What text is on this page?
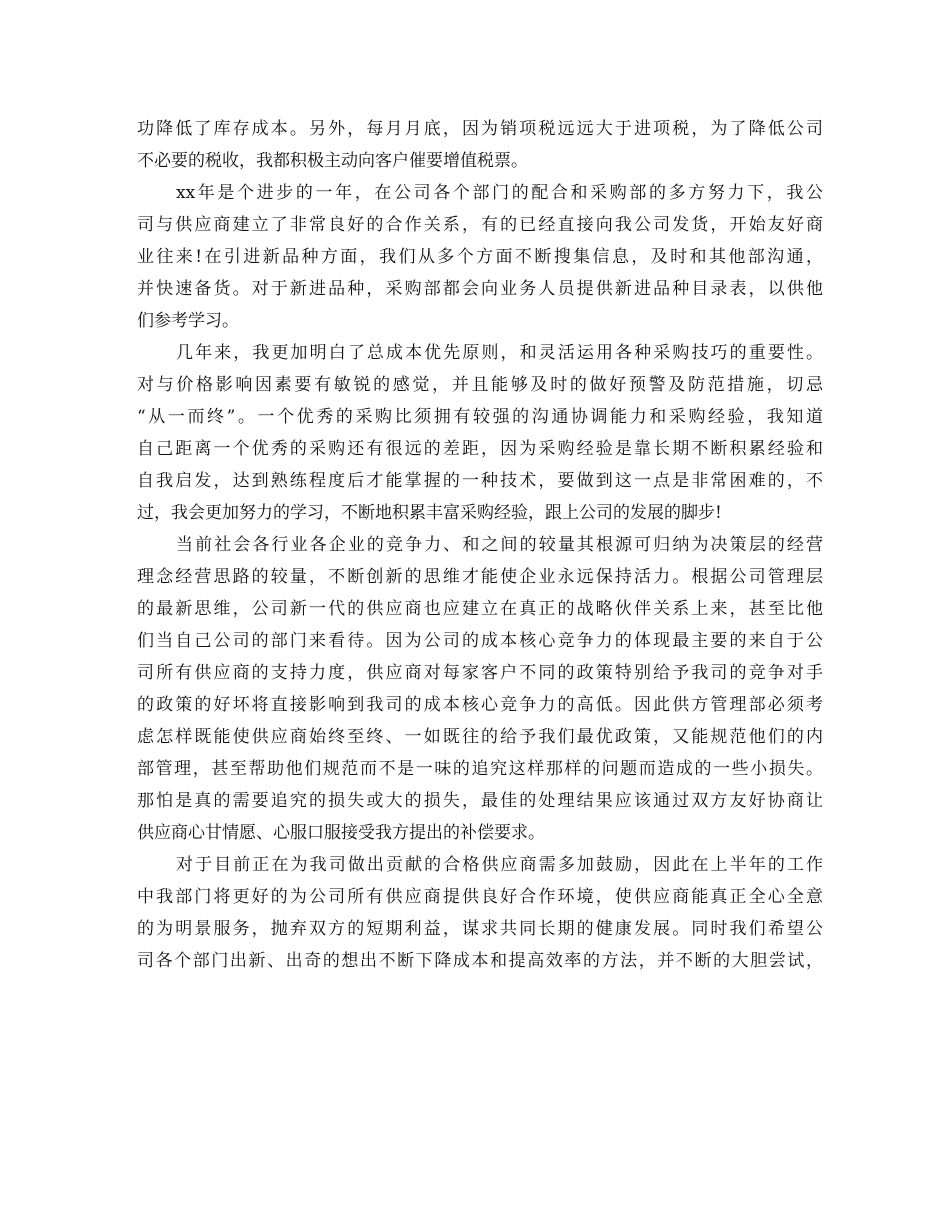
功降低了库存成本。另外，每月月底，因为销项税远远大于进项税，为了降低公司
不必要的税收，我都积极主动向客户催要增值税票。
xx年是个进步的一年，在公司各个部门的配合和采购部的多方努力下，我公
司与供应商建立了非常良好的合作关系，有的已经直接向我公司发货，开始友好商
业往来!在引进新品种方面，我们从多个方面不断搜集信息，及时和其他部沟通，
并快速备货。对于新进品种，采购部都会向业务人员提供新进品种目录表，以供他
们参考学习。
几年来，我更加明白了总成本优先原则，和灵活运用各种采购技巧的重要性。
对与价格影响因素要有敏锐的感觉，并且能够及时的做好预警及防范措施，切忌
“从一而终”。一个优秀的采购比须拥有较强的沟通协调能力和采购经验，我知道
自己距离一个优秀的采购还有很远的差距，因为采购经验是靠长期不断积累经验和
自我启发，达到熟练程度后才能掌握的一种技术，要做到这一点是非常困难的，不
过，我会更加努力的学习，不断地积累丰富采购经验，跟上公司的发展的脚步!
当前社会各行业各企业的竞争力、和之间的较量其根源可归纳为决策层的经营
理念经营思路的较量，不断创新的思维才能使企业永远保持活力。根据公司管理层
的最新思维，公司新一代的供应商也应建立在真正的战略伙伴关系上来，甚至比他
们当自己公司的部门来看待。因为公司的成本核心竞争力的体现最主要的来自于公
司所有供应商的支持力度，供应商对每家客户不同的政策特别给予我司的竞争对手
的政策的好坏将直接影响到我司的成本核心竞争力的高低。因此供方管理部必须考
虑怎样既能使供应商始终至终、一如既往的给予我们最优政策，又能规范他们的内
部管理，甚至帮助他们规范而不是一味的追究这样那样的问题而造成的一些小损失。
那怕是真的需要追究的损失或大的损失，最佳的处理结果应该通过双方友好协商让
供应商心甘情愿、心服口服接受我方提出的补偿要求。
对于目前正在为我司做出贡献的合格供应商需多加鼓励，因此在上半年的工作
中我部门将更好的为公司所有供应商提供良好合作环境，使供应商能真正全心全意
的为明景服务，抛弃双方的短期利益，谋求共同长期的健康发展。同时我们希望公
司各个部门出新、出奇的想出不断下降成本和提高效率的方法，并不断的大胆尝试，
